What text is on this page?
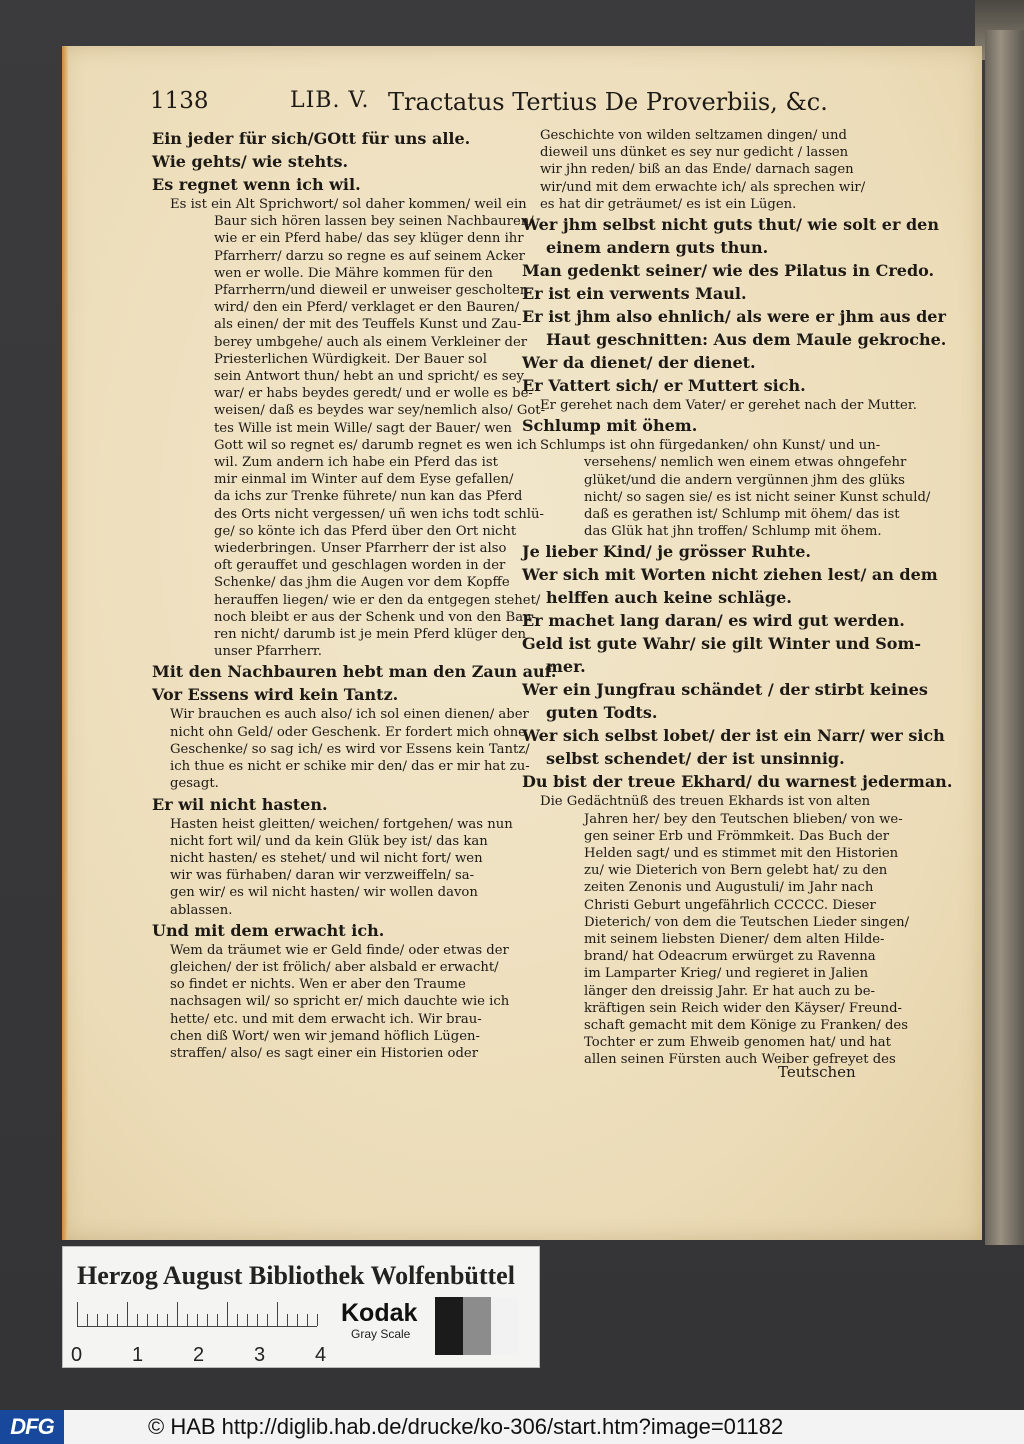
1138	LIB. V. Tractatus Tertius De Proverbiis, &c.
Ein jeder für sich/GOtt für uns alle.
Wie gehts/ wie stehts.
Es regnet wenn ich wil.
Es ist ein Alt Sprichwort/ sol daher kommen/ weil ein
Baur sich hören lassen bey seinen Nachbauren/
wie er ein Pferd habe/ das sey klüger denn ihr
Pfarrherr/ darzu so regne es auf seinem Acker
wen er wolle. Die Mähre kommen für den
Pfarrherrn/und dieweil er unweiser gescholten
wird/ den ein Pferd/ verklaget er den Bauren/
als einen/ der mit des Teuffels Kunst und Zau-
berey umbgehe/ auch als einem Verkleiner der
Priesterlichen Würdigkeit. Der Bauer sol
sein Antwort thun/ hebt an und spricht/ es sey
war/ er habs beydes geredt/ und er wolle es be-
weisen/ daß es beydes war sey/nemlich also/ Got-
tes Wille ist mein Wille/ sagt der Bauer/ wen
Gott wil so regnet es/ darumb regnet es wen ich
wil. Zum andern ich habe ein Pferd das ist
mir einmal im Winter auf dem Eyse gefallen/
da ichs zur Trenke führete/ nun kan das Pferd
des Orts nicht vergessen/ uñ wen ichs todt schlü-
ge/ so könte ich das Pferd über den Ort nicht
wiederbringen. Unser Pfarrherr der ist also
oft gerauffet und geschlagen worden in der
Schenke/ das jhm die Augen vor dem Kopffe
herauffen liegen/ wie er den da entgegen stehet/
noch bleibt er aus der Schenk und von den Bau-
ren nicht/ darumb ist je mein Pferd klüger den
unser Pfarrherr.
Mit den Nachbauren hebt man den Zaun auf.
Vor Essens wird kein Tantz.
Wir brauchen es auch also/ ich sol einen dienen/ aber
nicht ohn Geld/ oder Geschenk. Er fordert mich ohne
Geschenke/ so sag ich/ es wird vor Essens kein Tantz/
ich thue es nicht er schike mir den/ das er mir hat zu-
gesagt.
Er wil nicht hasten.
Hasten heist gleitten/ weichen/ fortgehen/ was nun
nicht fort wil/ und da kein Glük bey ist/ das kan
nicht hasten/ es stehet/ und wil nicht fort/ wen
wir was fürhaben/ daran wir verzweiffeln/ sa-
gen wir/ es wil nicht hasten/ wir wollen davon
ablassen.
Und mit dem erwacht ich.
Wem da träumet wie er Geld finde/ oder etwas der
gleichen/ der ist frölich/ aber alsbald er erwacht/
so findet er nichts. Wen er aber den Traume
nachsagen wil/ so spricht er/ mich dauchte wie ich
hette/ etc. und mit dem erwacht ich. Wir brau-
chen diß Wort/ wen wir jemand höflich Lügen-
straffen/ also/ es sagt einer ein Historien oder
Geschichte von wilden seltzamen dingen/ und
dieweil uns dünket es sey nur gedicht / lassen
wir jhn reden/ biß an das Ende/ darnach sagen
wir/und mit dem erwachte ich/ als sprechen wir/
es hat dir geträumet/ es ist ein Lügen.
Wer jhm selbst nicht guts thut/ wie solt er den
einem andern guts thun.
Man gedenkt seiner/ wie des Pilatus in Credo.
Er ist ein verwents Maul.
Er ist jhm also ehnlich/ als were er jhm aus der
Haut geschnitten: Aus dem Maule gekroche.
Wer da dienet/ der dienet.
Er Vattert sich/ er Muttert sich.
Er gerehet nach dem Vater/ er gerehet nach der Mutter.
Schlump mit öhem.
Schlumps ist ohn fürgedanken/ ohn Kunst/ und un-
versehens/ nemlich wen einem etwas ohngefehr
glüket/und die andern vergünnen jhm des glüks
nicht/ so sagen sie/ es ist nicht seiner Kunst schuld/
daß es gerathen ist/ Schlump mit öhem/ das ist
das Glük hat jhn troffen/ Schlump mit öhem.
Je lieber Kind/ je grösser Ruhte.
Wer sich mit Worten nicht ziehen lest/ an dem
helffen auch keine schläge.
Er machet lang daran/ es wird gut werden.
Geld ist gute Wahr/ sie gilt Winter und Som-
mer.
Wer ein Jungfrau schändet / der stirbt keines
guten Todts.
Wer sich selbst lobet/ der ist ein Narr/ wer sich
selbst schendet/ der ist unsinnig.
Du bist der treue Ekhard/ du warnest jederman.
Die Gedächtnüß des treuen Ekhards ist von alten
Jahren her/ bey den Teutschen blieben/ von we-
gen seiner Erb und Frömmkeit. Das Buch der
Helden sagt/ und es stimmet mit den Historien
zu/ wie Dieterich von Bern gelebt hat/ zu den
zeiten Zenonis und Augustuli/ im Jahr nach
Christi Geburt ungefährlich CCCCC. Dieser
Dieterich/ von dem die Teutschen Lieder singen/
mit seinem liebsten Diener/ dem alten Hilde-
brand/ hat Odeacrum erwürget zu Ravenna
im Lamparter Krieg/ und regieret in Jalien
länger den dreissig Jahr. Er hat auch zu be-
kräftigen sein Reich wider den Käyser/ Freund-
schaft gemacht mit dem Könige zu Franken/ des
Tochter er zum Ehweib genomen hat/ und hat
allen seinen Fürsten auch Weiber gefreyet des
Teutschen
Herzog August Bibliothek Wolfenbüttel
0 1 2 3 4
Kodak
Gray Scale
DFG	© HAB http://diglib.hab.de/drucke/ko-306/start.htm?image=01182
